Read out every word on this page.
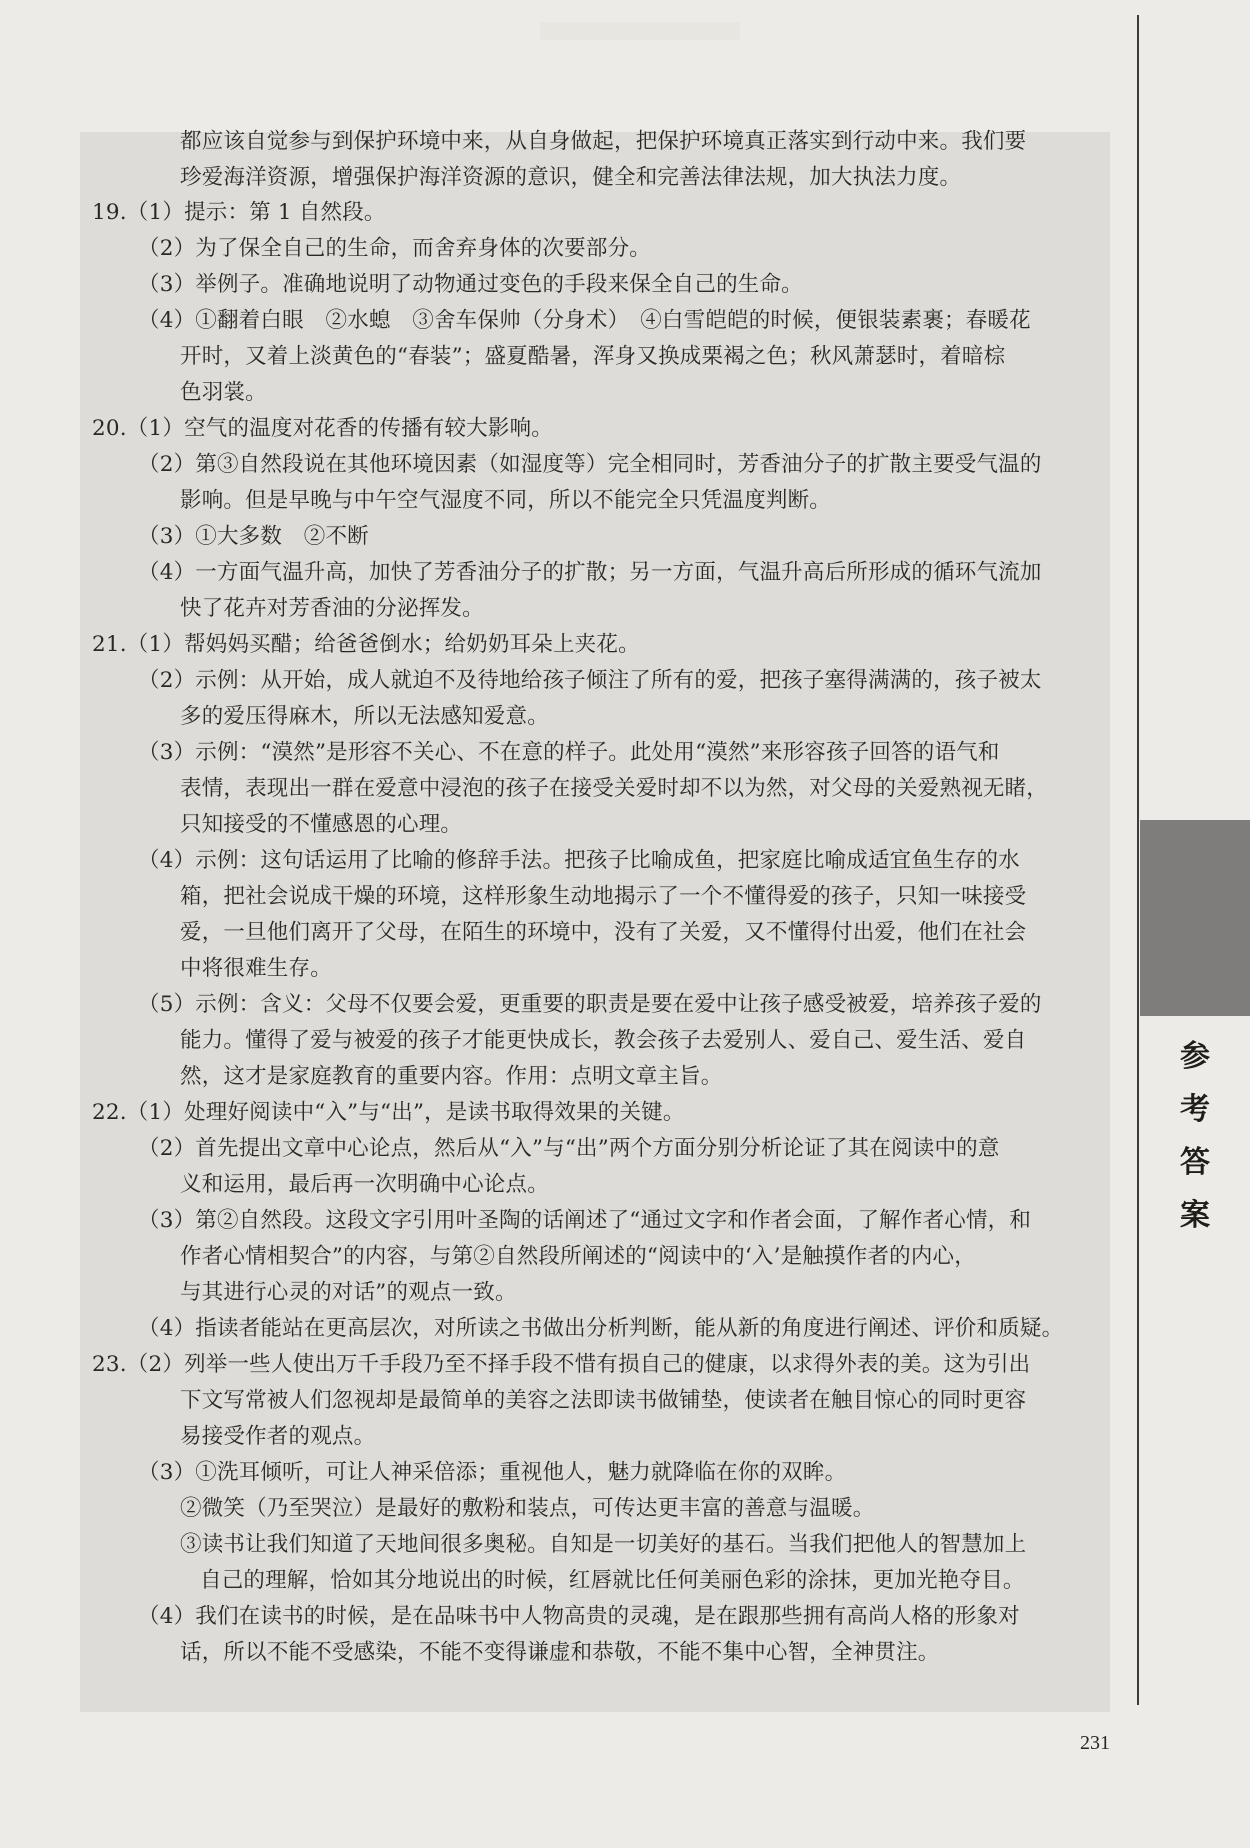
参
考
答
案
都应该自觉参与到保护环境中来，从自身做起，把保护环境真正落实到行动中来。我们要
珍爱海洋资源，增强保护海洋资源的意识，健全和完善法律法规，加大执法力度。
19.（1）提示：第 1 自然段。
（2）为了保全自己的生命，而舍弃身体的次要部分。
（3）举例子。准确地说明了动物通过变色的手段来保全自己的生命。
（4）①翻着白眼　②水螅　③舍车保帅（分身术）　④白雪皑皑的时候，便银装素裹；春暖花
开时，又着上淡黄色的“春装”；盛夏酷暑，浑身又换成栗褐之色；秋风萧瑟时，着暗棕
色羽裳。
20.（1）空气的温度对花香的传播有较大影响。
（2）第③自然段说在其他环境因素（如湿度等）完全相同时，芳香油分子的扩散主要受气温的
影响。但是早晚与中午空气湿度不同，所以不能完全只凭温度判断。
（3）①大多数　②不断
（4）一方面气温升高，加快了芳香油分子的扩散；另一方面，气温升高后所形成的循环气流加
快了花卉对芳香油的分泌挥发。
21.（1）帮妈妈买醋；给爸爸倒水；给奶奶耳朵上夹花。
（2）示例：从开始，成人就迫不及待地给孩子倾注了所有的爱，把孩子塞得满满的，孩子被太
多的爱压得麻木，所以无法感知爱意。
（3）示例：“漠然”是形容不关心、不在意的样子。此处用“漠然”来形容孩子回答的语气和
表情，表现出一群在爱意中浸泡的孩子在接受关爱时却不以为然，对父母的关爱熟视无睹，
只知接受的不懂感恩的心理。
（4）示例：这句话运用了比喻的修辞手法。把孩子比喻成鱼，把家庭比喻成适宜鱼生存的水
箱，把社会说成干燥的环境，这样形象生动地揭示了一个不懂得爱的孩子，只知一味接受
爱，一旦他们离开了父母，在陌生的环境中，没有了关爱，又不懂得付出爱，他们在社会
中将很难生存。
（5）示例：含义：父母不仅要会爱，更重要的职责是要在爱中让孩子感受被爱，培养孩子爱的
能力。懂得了爱与被爱的孩子才能更快成长，教会孩子去爱别人、爱自己、爱生活、爱自
然，这才是家庭教育的重要内容。作用：点明文章主旨。
22.（1）处理好阅读中“入”与“出”，是读书取得效果的关键。
（2）首先提出文章中心论点，然后从“入”与“出”两个方面分别分析论证了其在阅读中的意
义和运用，最后再一次明确中心论点。
（3）第②自然段。这段文字引用叶圣陶的话阐述了“通过文字和作者会面，了解作者心情，和
作者心情相契合”的内容，与第②自然段所阐述的“阅读中的‘入’是触摸作者的内心，
与其进行心灵的对话”的观点一致。
（4）指读者能站在更高层次，对所读之书做出分析判断，能从新的角度进行阐述、评价和质疑。
23.（2）列举一些人使出万千手段乃至不择手段不惜有损自己的健康，以求得外表的美。这为引出
下文写常被人们忽视却是最简单的美容之法即读书做铺垫，使读者在触目惊心的同时更容
易接受作者的观点。
（3）①洗耳倾听，可让人神采倍添；重视他人，魅力就降临在你的双眸。
②微笑（乃至哭泣）是最好的敷粉和装点，可传达更丰富的善意与温暖。
③读书让我们知道了天地间很多奥秘。自知是一切美好的基石。当我们把他人的智慧加上
自己的理解，恰如其分地说出的时候，红唇就比任何美丽色彩的涂抹，更加光艳夺目。
（4）我们在读书的时候，是在品味书中人物高贵的灵魂，是在跟那些拥有高尚人格的形象对
话，所以不能不受感染，不能不变得谦虚和恭敬，不能不集中心智，全神贯注。
231
